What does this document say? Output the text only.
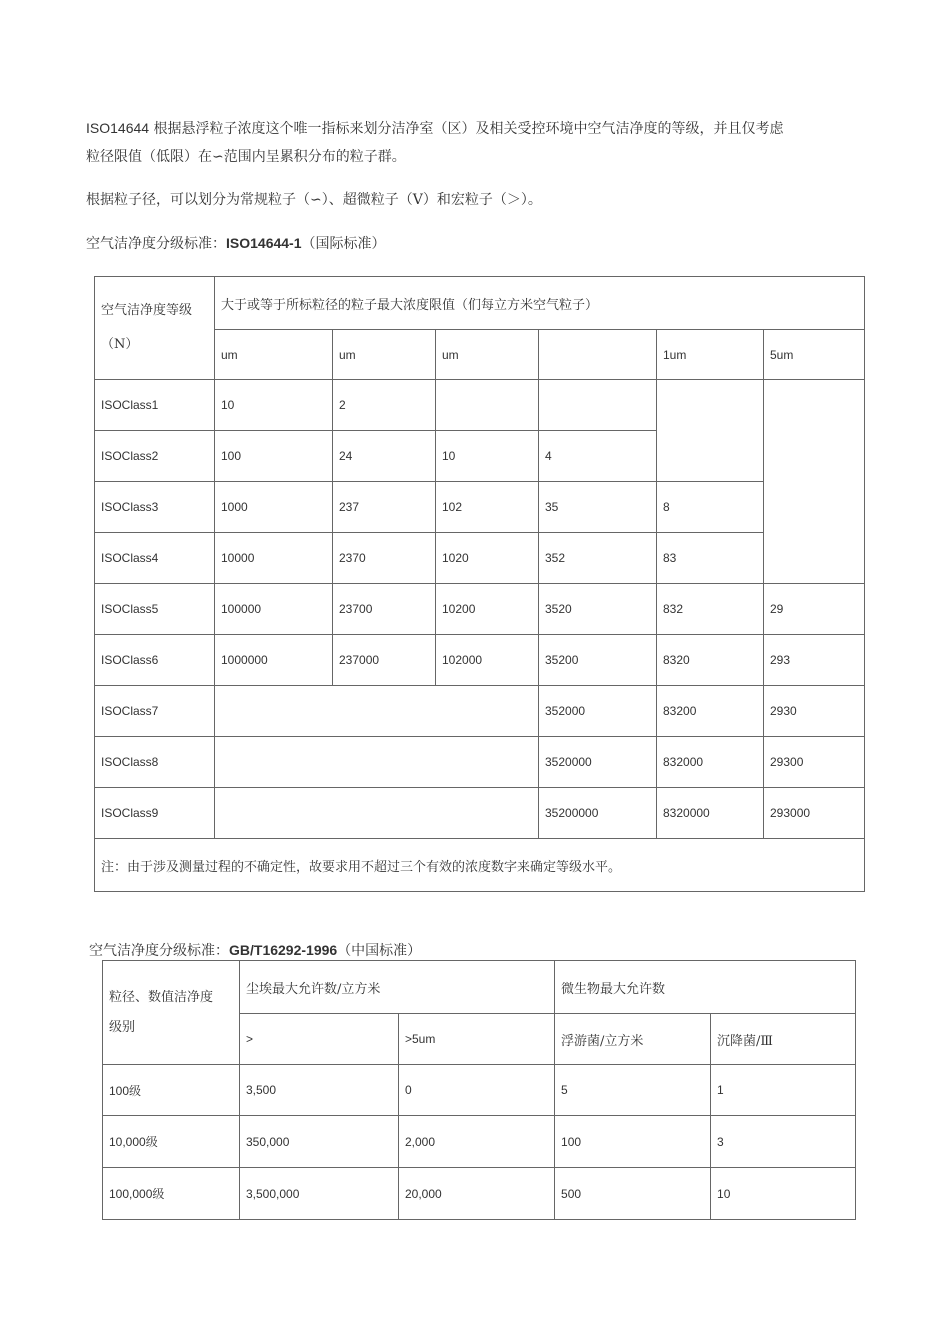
ISO14644 根据悬浮粒子浓度这个唯一指标来划分洁净室（区）及相关受控环境中空气洁净度的等级，并且仅考虑
粒径限值（低限）在∽范围内呈累积分布的粒子群。
根据粒子径，可以划分为常规粒子（∽）、超微粒子（V）和宏粒子（＞）。
空气洁净度分级标准：ISO14644-1（国际标准）
空气洁净度等级
（N）	大于或等于所标粒径的粒子最大浓度限值（们每立方米空气粒子）					
	um	um	um		1um	5um
ISOClass1	10	2				
ISOClass2	100	24	10	4		
ISOClass3	1000	237	102	35	8	
ISOClass4	10000	2370	1020	352	83	
ISOClass5	100000	23700	10200	3520	832	29
ISOClass6	1000000	237000	102000	35200	8320	293
ISOClass7				352000	83200	2930
ISOClass8				3520000	832000	29300
ISOClass9				35200000	8320000	293000
注：由于涉及测量过程的不确定性，故要求用不超过三个有效的浓度数字来确定等级水平。						
空气洁净度分级标准：GB/T16292-1996（中国标准）
粒径、数值洁净度
级别	尘埃最大允许数/立方米		微生物最大允许数	
	>	>5um	浮游菌/立方米	沉降菌/Ⅲ
100级	3,500	0	5	1
10,000级	350,000	2,000	100	3
100,000级	3,500,000	20,000	500	10
